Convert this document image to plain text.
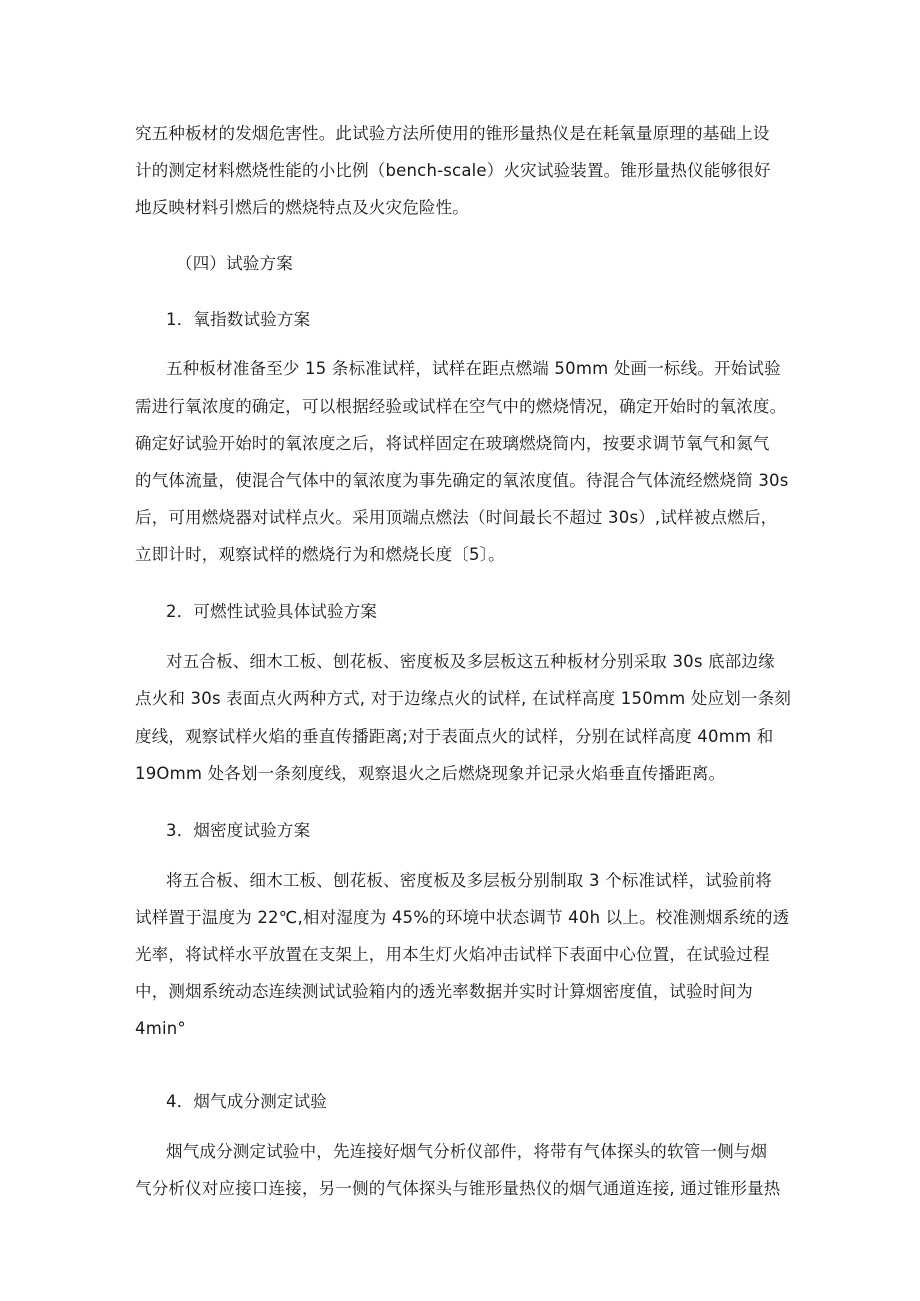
究五种板材的发烟危害性。此试验方法所使用的锥形量热仪是在耗氧量原理的基础上设
计的测定材料燃烧性能的小比例（bench-scale）火灾试验装置。锥形量热仪能够很好
地反映材料引燃后的燃烧特点及火灾危险性。
（四）试验方案
1．氧指数试验方案
五种板材准备至少 15 条标准试样，试样在距点燃端 50mm 处画一标线。开始试验
需进行氧浓度的确定，可以根据经验或试样在空气中的燃烧情况，确定开始时的氧浓度。
确定好试验开始时的氧浓度之后，将试样固定在玻璃燃烧筒内，按要求调节氧气和氮气
的气体流量，使混合气体中的氧浓度为事先确定的氧浓度值。待混合气体流经燃烧筒 30s
后，可用燃烧器对试样点火。采用顶端点燃法（时间最长不超过 30s）,试样被点燃后，
立即计时，观察试样的燃烧行为和燃烧长度〔5〕。
2．可燃性试验具体试验方案
对五合板、细木工板、刨花板、密度板及多层板这五种板材分别采取 30s 底部边缘
点火和 30s 表面点火两种方式, 对于边缘点火的试样, 在试样高度 150mm 处应划一条刻
度线，观察试样火焰的垂直传播距离;对于表面点火的试样，分别在试样高度 40mm 和
19Omm 处各划一条刻度线，观察退火之后燃烧现象并记录火焰垂直传播距离。
3．烟密度试验方案
将五合板、细木工板、刨花板、密度板及多层板分别制取 3 个标准试样，试验前将
试样置于温度为 22℃,相对湿度为 45%的环境中状态调节 40h 以上。校准测烟系统的透
光率，将试样水平放置在支架上，用本生灯火焰冲击试样下表面中心位置，在试验过程
中，测烟系统动态连续测试试验箱内的透光率数据并实时计算烟密度值，试验时间为
4min°
4．烟气成分测定试验
烟气成分测定试验中，先连接好烟气分析仪部件，将带有气体探头的软管一侧与烟
气分析仪对应接口连接，另一侧的气体探头与锥形量热仪的烟气通道连接, 通过锥形量热
